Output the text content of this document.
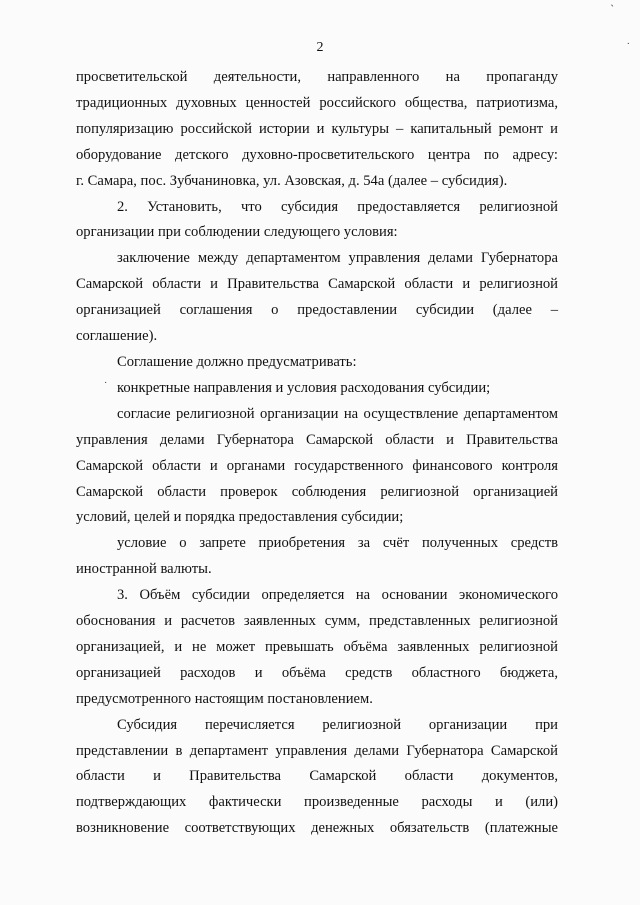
`
·
·
2

просветительской деятельности, направленного на пропаганду

традиционных духовных ценностей российского общества, патриотизма,

популяризацию российской истории и культуры – капитальный ремонт и

оборудование детского духовно-просветительского центра по адресу:

г. Самара, пос. Зубчаниновка, ул. Азовская, д. 54а (далее – субсидия).

2. Установить, что субсидия предоставляется религиозной

организации при соблюдении следующего условия:

заключение между департаментом управления делами Губернатора

Самарской области и Правительства Самарской области и религиозной

организацией соглашения о предоставлении субсидии (далее –

соглашение).

Соглашение должно предусматривать:

конкретные направления и условия расходования субсидии;

согласие религиозной организации на осуществление департаментом

управления делами Губернатора Самарской области и Правительства

Самарской области и органами государственного финансового контроля

Самарской области проверок соблюдения религиозной организацией

условий, целей и порядка предоставления субсидии;

условие о запрете приобретения за счёт полученных средств

иностранной валюты.

3. Объём субсидии определяется на основании экономического

обоснования и расчетов заявленных сумм, представленных религиозной

организацией, и не может превышать объёма заявленных религиозной

организацией расходов и объёма средств областного бюджета,

предусмотренного настоящим постановлением.

Субсидия перечисляется религиозной организации при

представлении в департамент управления делами Губернатора Самарской

области и Правительства Самарской области документов,

подтверждающих фактически произведенные расходы и (или)

возникновение соответствующих денежных обязательств (платежные
